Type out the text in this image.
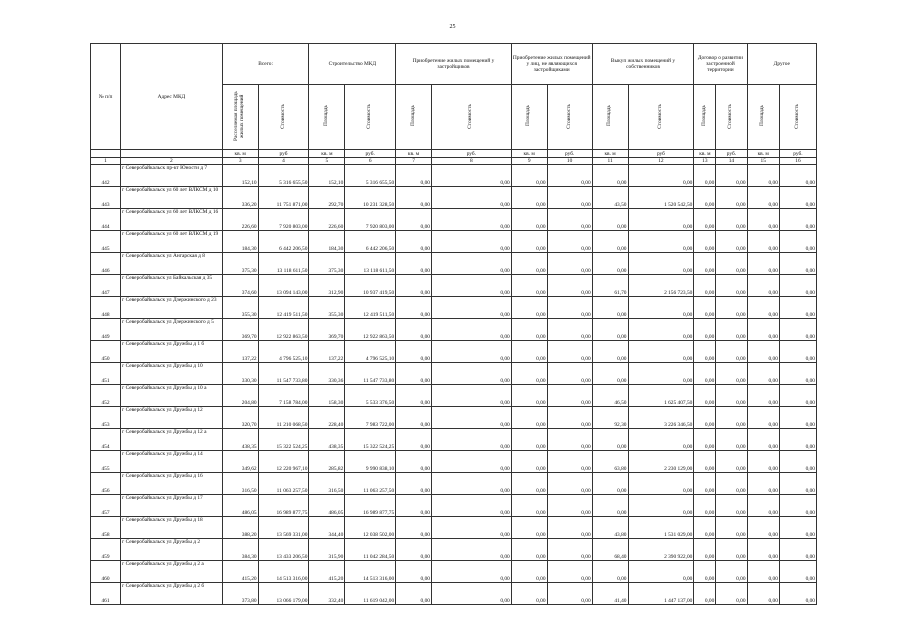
25
№ п/п	Адрес МКД	Всего:		Строительство МКД		Приобретение жилых помещений у застройщиков		Приобретение жилых помещений у лиц, не являющихся застройщиками		Выкуп жилых помещений у собственников		Договор о развитии застроенной территории		Другое	
		Расселяемая площадь жилых помещений	Стоимость	Площадь	Стоимость	Площадь	Стоимость	Площадь	Стоимость	Площадь	Стоимость	Площадь	Стоимость	Площадь	Стоимость
		кв. м	руб	кв. м	руб.	кв. м	руб.	кв. м	руб.	кв. м	руб	кв. м	руб.	кв. м	руб.
1	2	3	4	5	6	7	8	9	10	11	12	13	14	15	16
442	г Северобайкальск пр-кт Юности д 7	152,10	5 316 655,50	152,10	5 316 655,50	0,00	0,00	0,00	0,00	0,00	0,00	0,00	0,00	0,00	0,00
443	г Северобайкальск ул 60 лет ВЛКСМ д 10	336,20	11 751 871,00	292,70	10 231 328,50	0,00	0,00	0,00	0,00	43,50	1 520 542,50	0,00	0,00	0,00	0,00
444	г Северобайкальск ул 60 лет ВЛКСМ д 16	226,60	7 920 803,00	226,60	7 920 803,00	0,00	0,00	0,00	0,00	0,00	0,00	0,00	0,00	0,00	0,00
445	г Северобайкальск ул 60 лет ВЛКСМ д 19	184,30	6 442 206,50	184,30	6 442 206,50	0,00	0,00	0,00	0,00	0,00	0,00	0,00	0,00	0,00	0,00
446	г Северобайкальск ул Ангарская д 8	375,30	13 118 611,50	375,30	13 118 611,50	0,00	0,00	0,00	0,00	0,00	0,00	0,00	0,00	0,00	0,00
447	г Северобайкальск ул Байкальская д 35	374,60	13 094 143,00	312,90	10 937 419,50	0,00	0,00	0,00	0,00	61,70	2 156 723,50	0,00	0,00	0,00	0,00
448	г Северобайкальск ул Дзержинского д 23	355,30	12 419 511,50	355,30	12 419 511,50	0,00	0,00	0,00	0,00	0,00	0,00	0,00	0,00	0,00	0,00
449	г Северобайкальск ул Дзержинского д 5	369,70	12 922 863,50	369,70	12 922 863,50	0,00	0,00	0,00	0,00	0,00	0,00	0,00	0,00	0,00	0,00
450	г Северобайкальск ул Дружбы д 1 б	137,22	4 796 525,10	137,22	4 796 525,10	0,00	0,00	0,00	0,00	0,00	0,00	0,00	0,00	0,00	0,00
451	г Северобайкальск ул Дружбы д 10	330,30	11 547 733,80	330,36	11 547 733,80	0,00	0,00	0,00	0,00	0,00	0,00	0,00	0,00	0,00	0,00
452	г Северобайкальск ул Дружбы д 10 а	204,80	7 158 784,00	158,30	5 533 376,50	0,00	0,00	0,00	0,00	46,50	1 625 407,50	0,00	0,00	0,00	0,00
453	г Северобайкальск ул Дружбы д 12	320,70	11 210 068,50	228,40	7 983 722,00	0,00	0,00	0,00	0,00	92,30	3 226 346,50	0,00	0,00	0,00	0,00
454	г Северобайкальск ул Дружбы д 12 а	438,35	15 322 524,25	438,35	15 322 524,25	0,00	0,00	0,00	0,00	0,00	0,00	0,00	0,00	0,00	0,00
455	г Северобайкальск ул Дружбы д 14	349,62	12 220 967,10	285,82	9 990 838,10	0,00	0,00	0,00	0,00	63,80	2 230 129,00	0,00	0,00	0,00	0,00
456	г Северобайкальск ул Дружбы д 16	316,50	11 063 257,50	316,50	11 063 257,50	0,00	0,00	0,00	0,00	0,00	0,00	0,00	0,00	0,00	0,00
457	г Северобайкальск ул Дружбы д 17	486,05	16 989 877,75	486,05	16 989 877,75	0,00	0,00	0,00	0,00	0,00	0,00	0,00	0,00	0,00	0,00
458	г Северобайкальск ул Дружбы д 18	388,20	13 569 331,00	344,40	12 038 502,00	0,00	0,00	0,00	0,00	43,80	1 531 029,00	0,00	0,00	0,00	0,00
459	г Северобайкальск ул Дружбы д 2	384,30	13 433 206,50	315,90	11 042 284,50	0,00	0,00	0,00	0,00	68,40	2 390 922,00	0,00	0,00	0,00	0,00
460	г Северобайкальск ул Дружбы д 2 а	415,20	14 513 316,00	415,20	14 513 316,00	0,00	0,00	0,00	0,00	0,00	0,00	0,00	0,00	0,00	0,00
461	г Северобайкальск ул Дружбы д 2 б	373,80	13 066 179,00	332,40	11 619 042,00	0,00	0,00	0,00	0,00	41,40	1 447 137,00	0,00	0,00	0,00	0,00
